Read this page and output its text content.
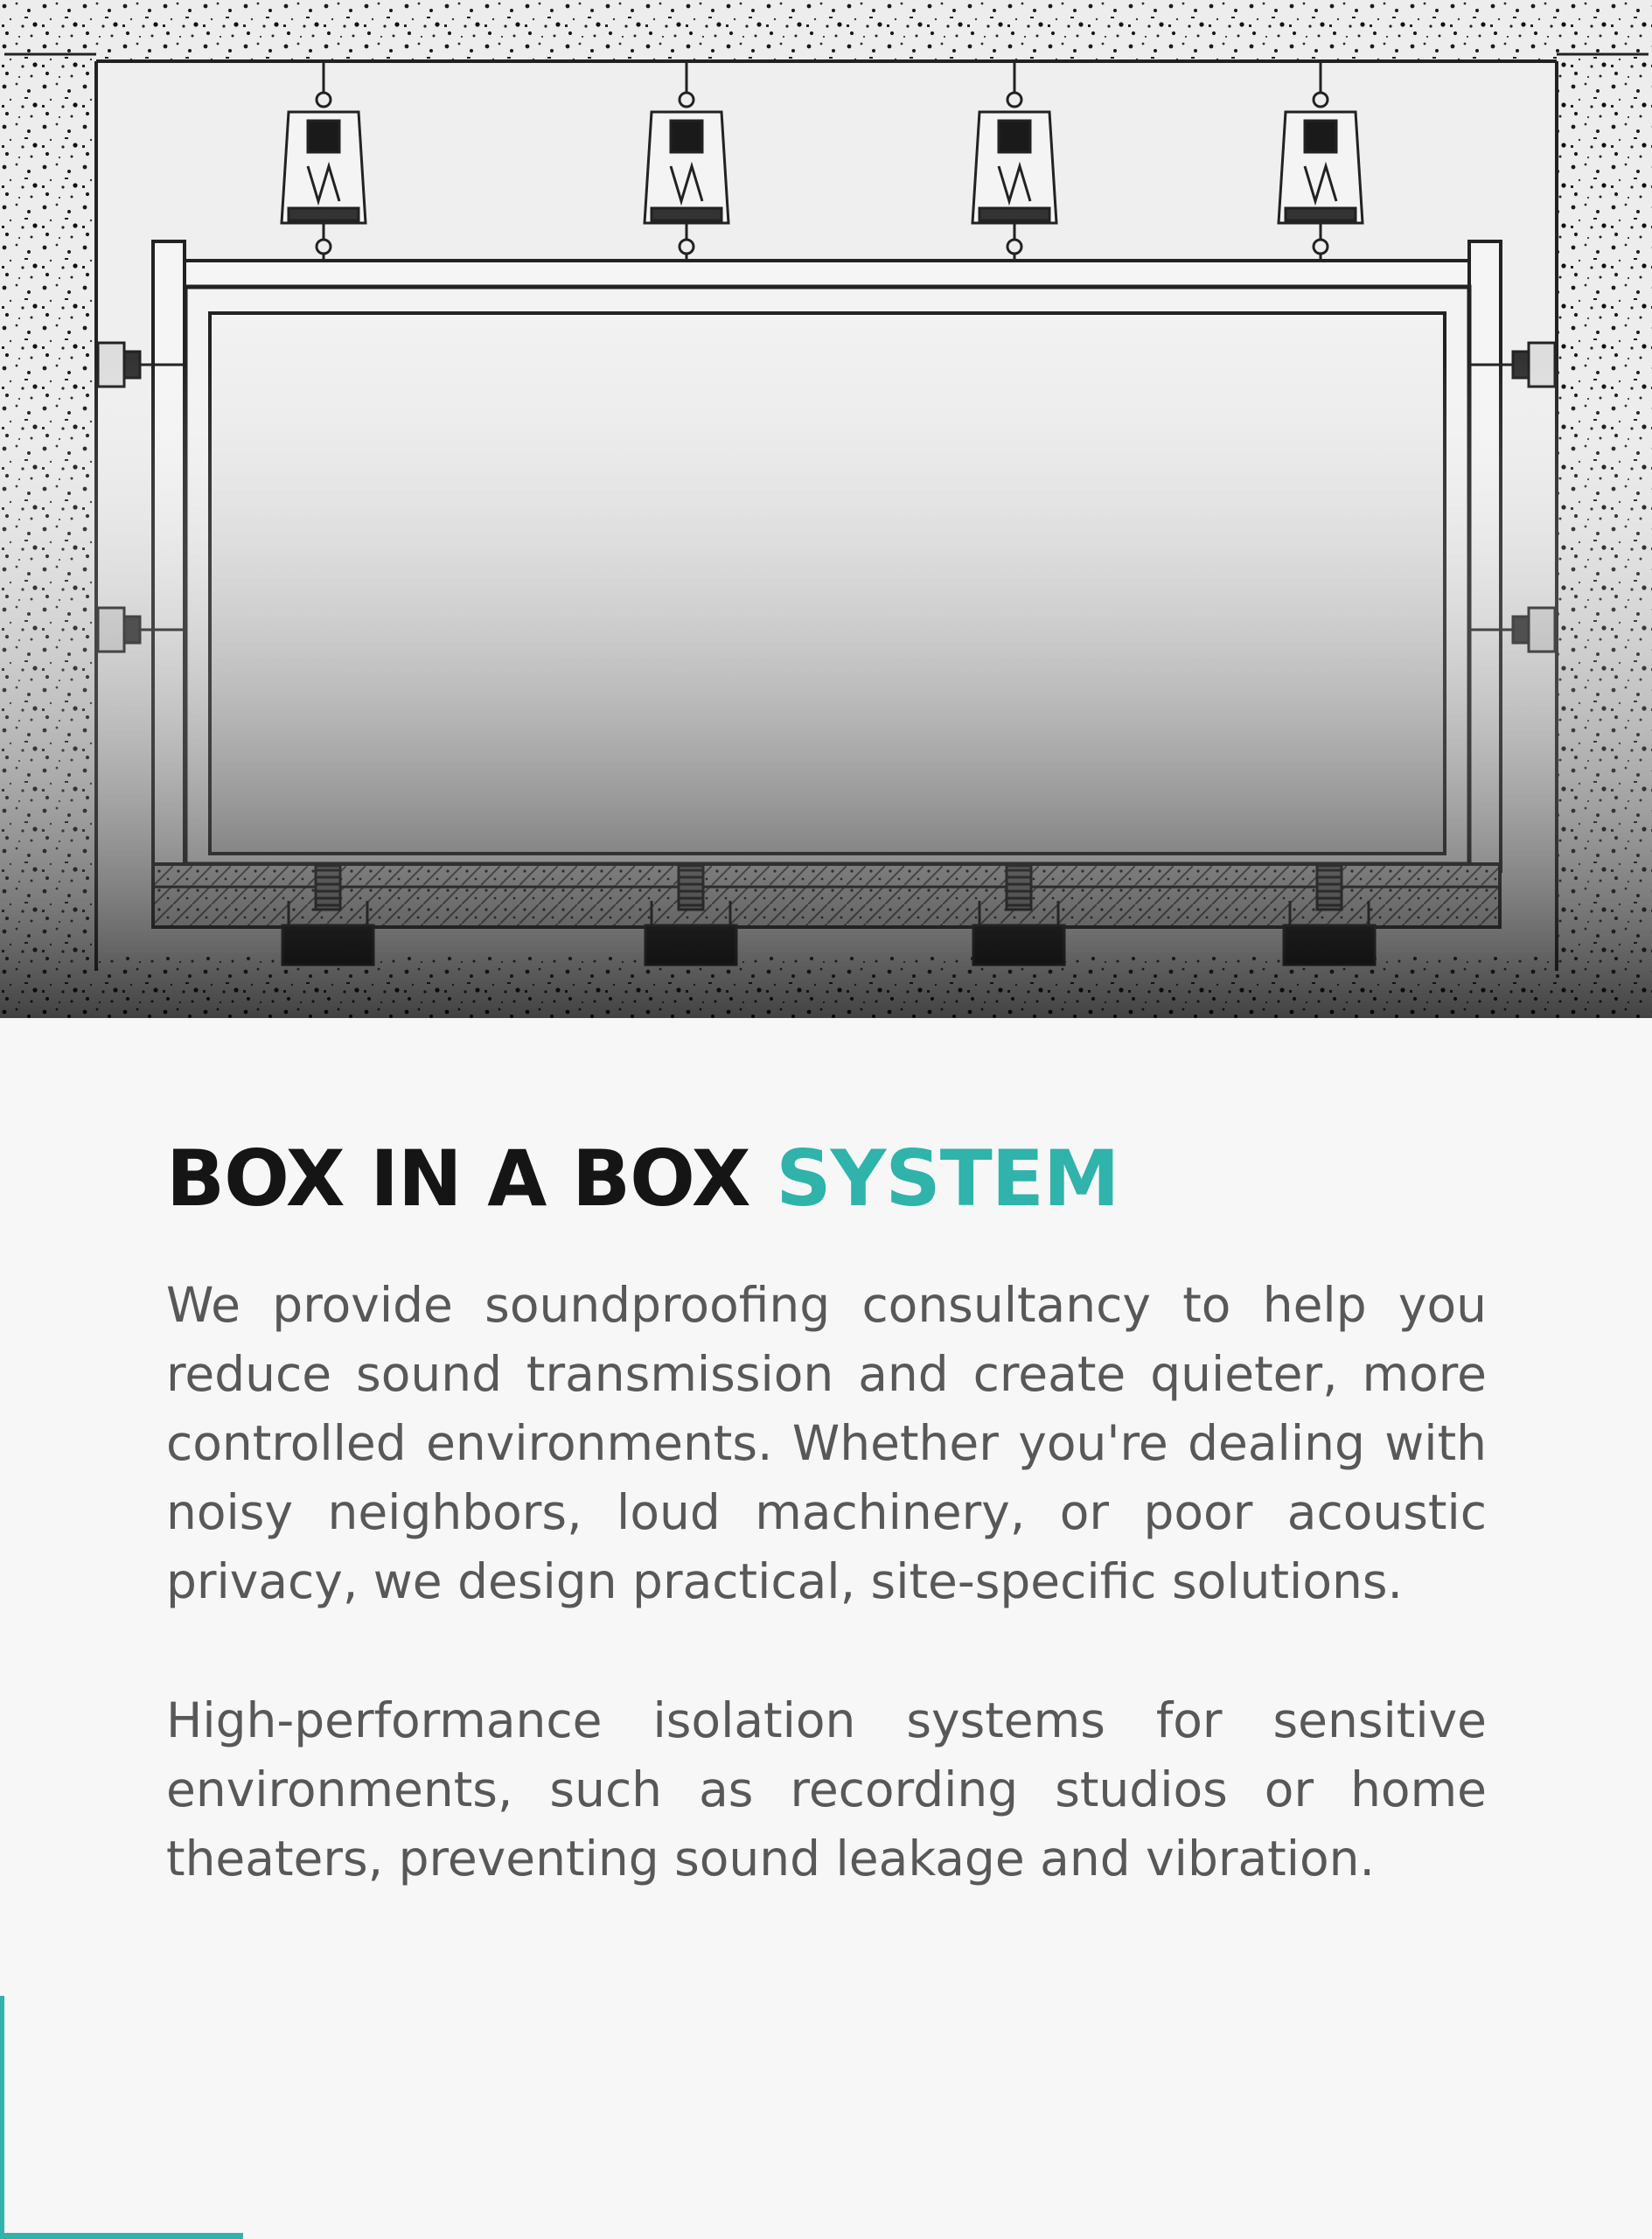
BOX IN A BOX SYSTEM

We provide soundproofing consultancy to help you reduce sound transmission and create quieter, more controlled environments. Whether you're dealing with noisy neighbors, loud machinery, or poor acoustic privacy, we design practical, site-specific solutions.

High-performance isolation systems for sensitive environments, such as recording studios or home theaters, preventing sound leakage and vibration.
